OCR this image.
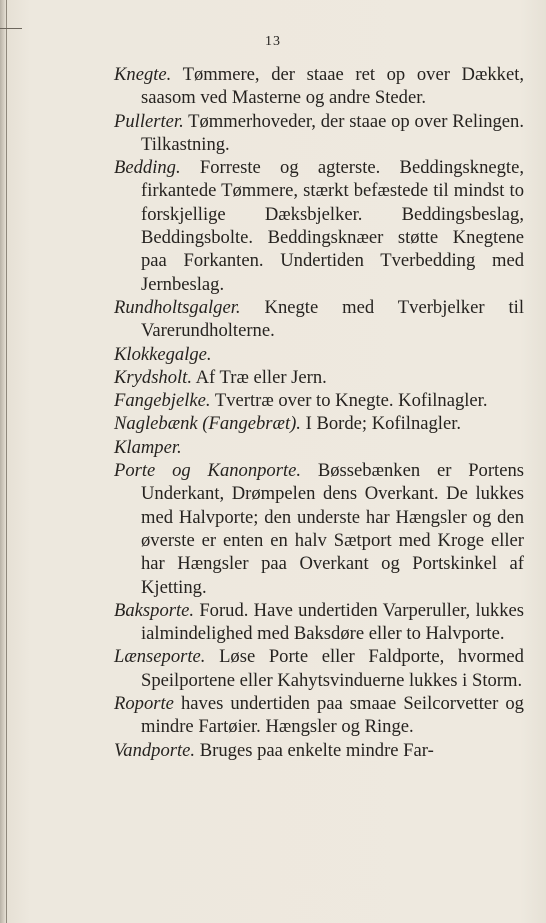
13

Knegte. Tømmere, der staae ret op over Dækket, saasom ved Masterne og andre Steder.

Pullerter. Tømmerhoveder, der staae op over Relingen. Tilkastning.

Bedding. Forreste og agterste. Beddingsknegte, firkantede Tømmere, stærkt befæstede til mindst to forskjellige Dæksbjelker. Beddingsbeslag, Beddingsbolte. Beddingsknæer støtte Knegtene paa Forkanten. Undertiden Tverbedding med Jernbeslag.

Rundholtsgalger. Knegte med Tverbjelker til Varerundholterne.

Klokkegalge.

Krydsholt. Af Træ eller Jern.

Fangebjelke. Tvertræ over to Knegte. Kofilnagler.

Naglebænk (Fangebræt). I Borde; Kofilnagler.

Klamper.

Porte og Kanonporte. Bøssebænken er Portens Underkant, Drømpelen dens Overkant. De lukkes med Halvporte; den underste har Hængsler og den øverste er enten en halv Sætport med Kroge eller har Hængsler paa Overkant og Portskinkel af Kjetting.

Baksporte. Forud. Have undertiden Varperuller, lukkes ialmindelighed med Baksdøre eller to Halvporte.

Lænseporte. Løse Porte eller Faldporte, hvormed Speilportene eller Kahytsvinduerne lukkes i Storm.

Roporte haves undertiden paa smaae Seilcorvetter og mindre Fartøier. Hængsler og Ringe.

Vandporte. Bruges paa enkelte mindre Far-
